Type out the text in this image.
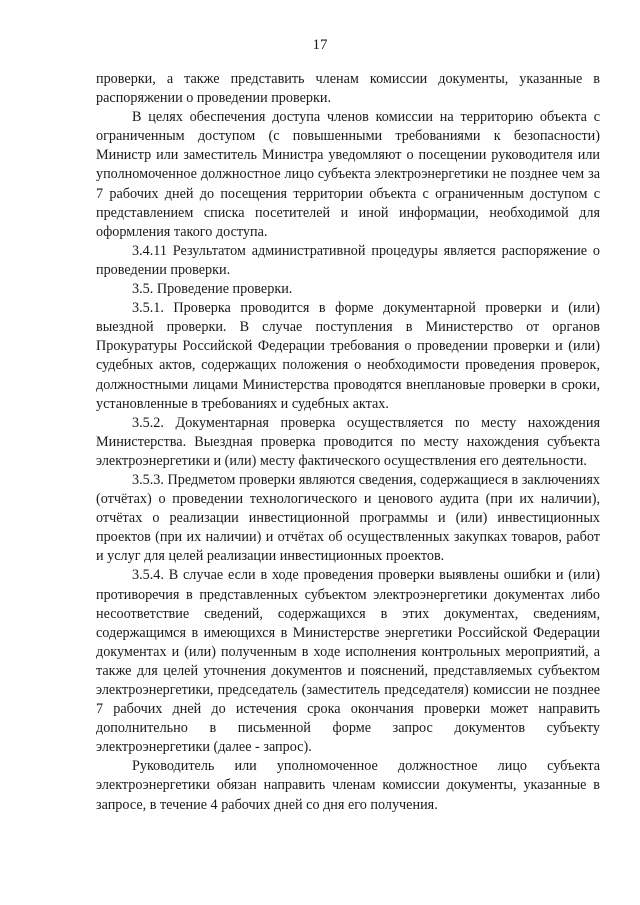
17

проверки, а также представить членам комиссии документы, указанные в распоряжении о проведении проверки.

В целях обеспечения доступа членов комиссии на территорию объекта с ограниченным доступом (с повышенными требованиями к безопасности) Министр или заместитель Министра уведомляют о посещении руководителя или уполномоченное должностное лицо субъекта электроэнергетики не позднее чем за 7 рабочих дней до посещения территории объекта с ограниченным доступом с представлением списка посетителей и иной информации, необходимой для оформления такого доступа.

3.4.11 Результатом административной процедуры является распоряжение о проведении проверки.

3.5. Проведение проверки.

3.5.1. Проверка проводится в форме документарной проверки и (или) выездной проверки. В случае поступления в Министерство от органов Прокуратуры Российской Федерации требования о проведении проверки и (или) судебных актов, содержащих положения о необходимости проведения проверок, должностными лицами Министерства проводятся внеплановые проверки в сроки, установленные в требованиях и судебных актах.

3.5.2. Документарная проверка осуществляется по месту нахождения Министерства. Выездная проверка проводится по месту нахождения субъекта электроэнергетики и (или) месту фактического осуществления его деятельности.

3.5.3. Предметом проверки являются сведения, содержащиеся в заключениях (отчётах) о проведении технологического и ценового аудита (при их наличии), отчётах о реализации инвестиционной программы и (или) инвестиционных проектов (при их наличии) и отчётах об осуществленных закупках товаров, работ и услуг для целей реализации инвестиционных проектов.

3.5.4. В случае если в ходе проведения проверки выявлены ошибки и (или) противоречия в представленных субъектом электроэнергетики документах либо несоответствие сведений, содержащихся в этих документах, сведениям, содержащимся в имеющихся в Министерстве энергетики Российской Федерации документах и (или) полученным в ходе исполнения контрольных мероприятий, а также для целей уточнения документов и пояснений, представляемых субъектом электроэнергетики, председатель (заместитель председателя) комиссии не позднее 7 рабочих дней до истечения срока окончания проверки может направить дополнительно в письменной форме запрос документов субъекту электроэнергетики (далее - запрос).

Руководитель или уполномоченное должностное лицо субъекта электроэнергетики обязан направить членам комиссии документы, указанные в запросе, в течение 4 рабочих дней со дня его получения.
